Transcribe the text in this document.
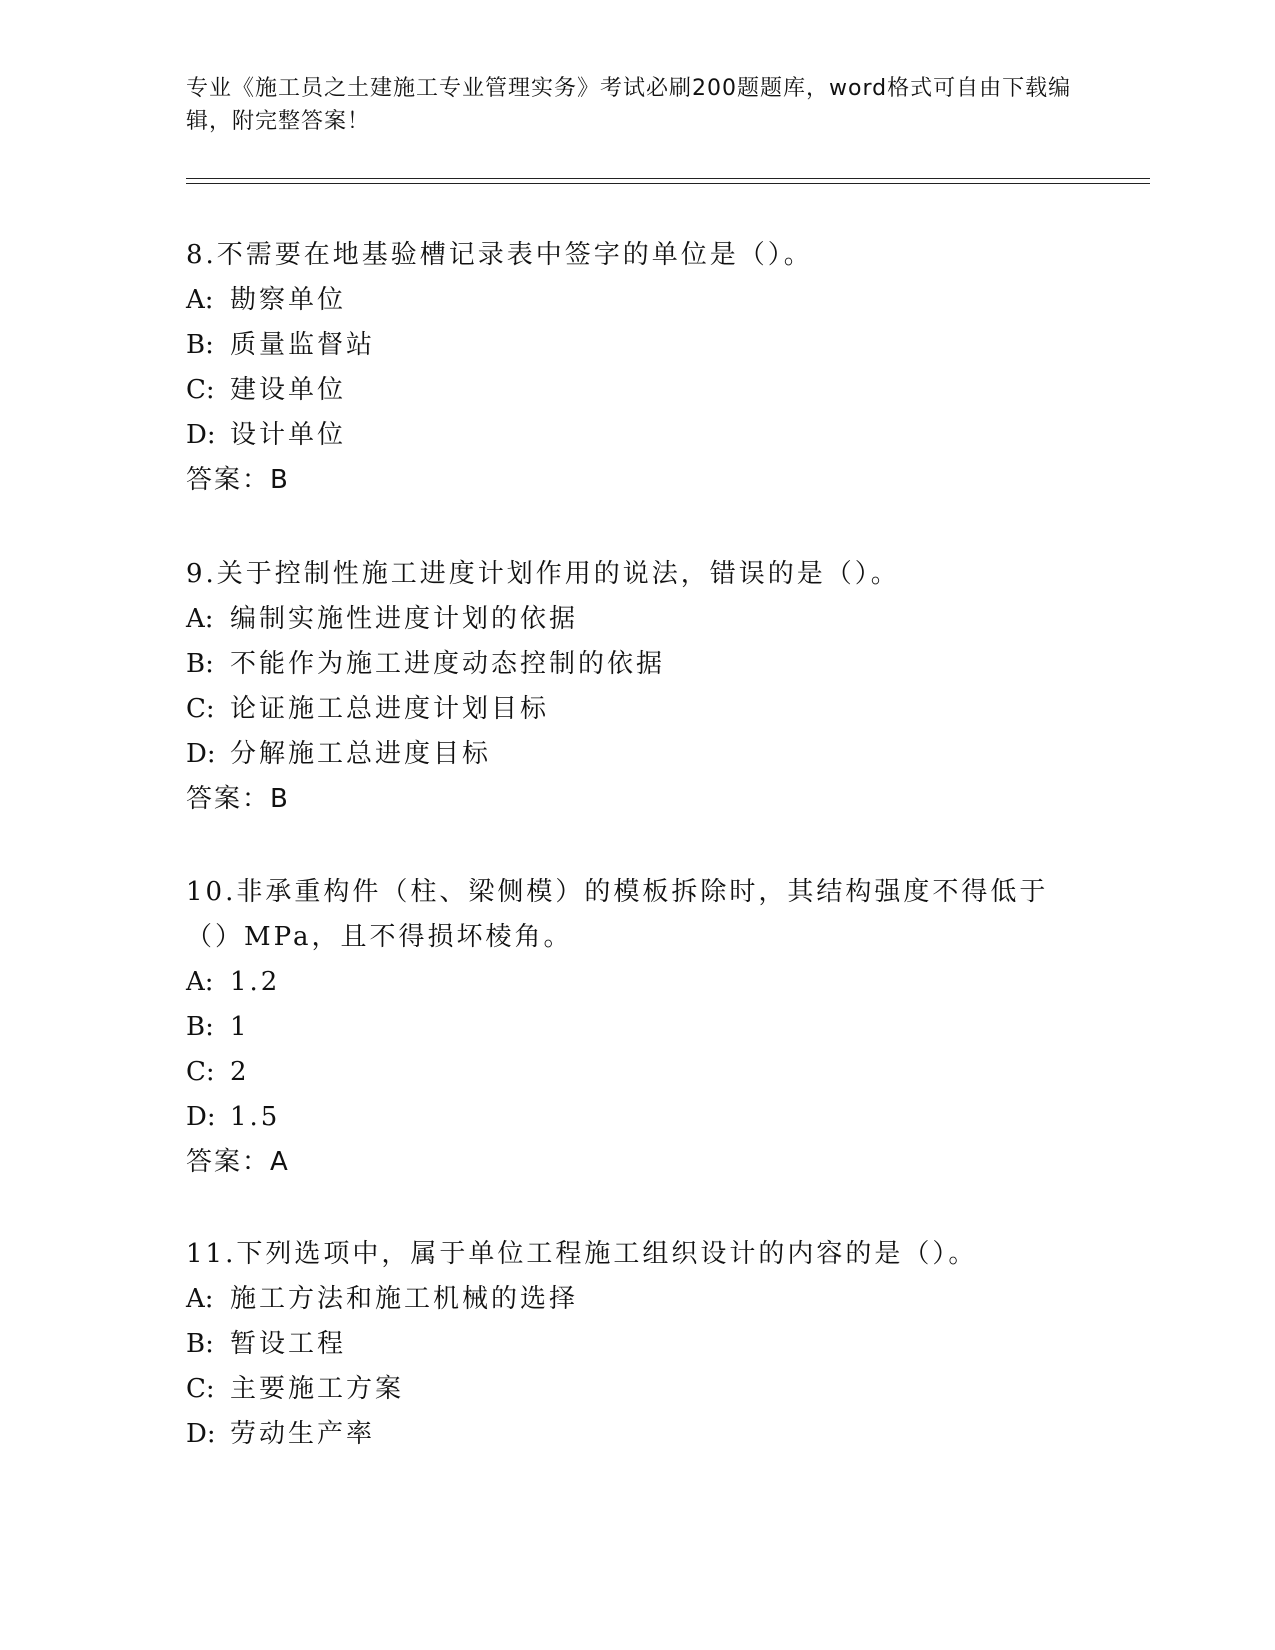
专业《施工员之土建施工专业管理实务》考试必刷200题题库，word格式可自由下载编辑，附完整答案！
8.不需要在地基验槽记录表中签字的单位是（）。
A: 勘察单位
B: 质量监督站
C: 建设单位
D: 设计单位
答案：B
9.关于控制性施工进度计划作用的说法，错误的是（）。
A: 编制实施性进度计划的依据
B: 不能作为施工进度动态控制的依据
C: 论证施工总进度计划目标
D: 分解施工总进度目标
答案：B
10.非承重构件（柱、梁侧模）的模板拆除时，其结构强度不得低于（）MPa，且不得损坏棱角。
A: 1.2
B: 1
C: 2
D: 1.5
答案：A
11.下列选项中，属于单位工程施工组织设计的内容的是（）。
A: 施工方法和施工机械的选择
B: 暂设工程
C: 主要施工方案
D: 劳动生产率
